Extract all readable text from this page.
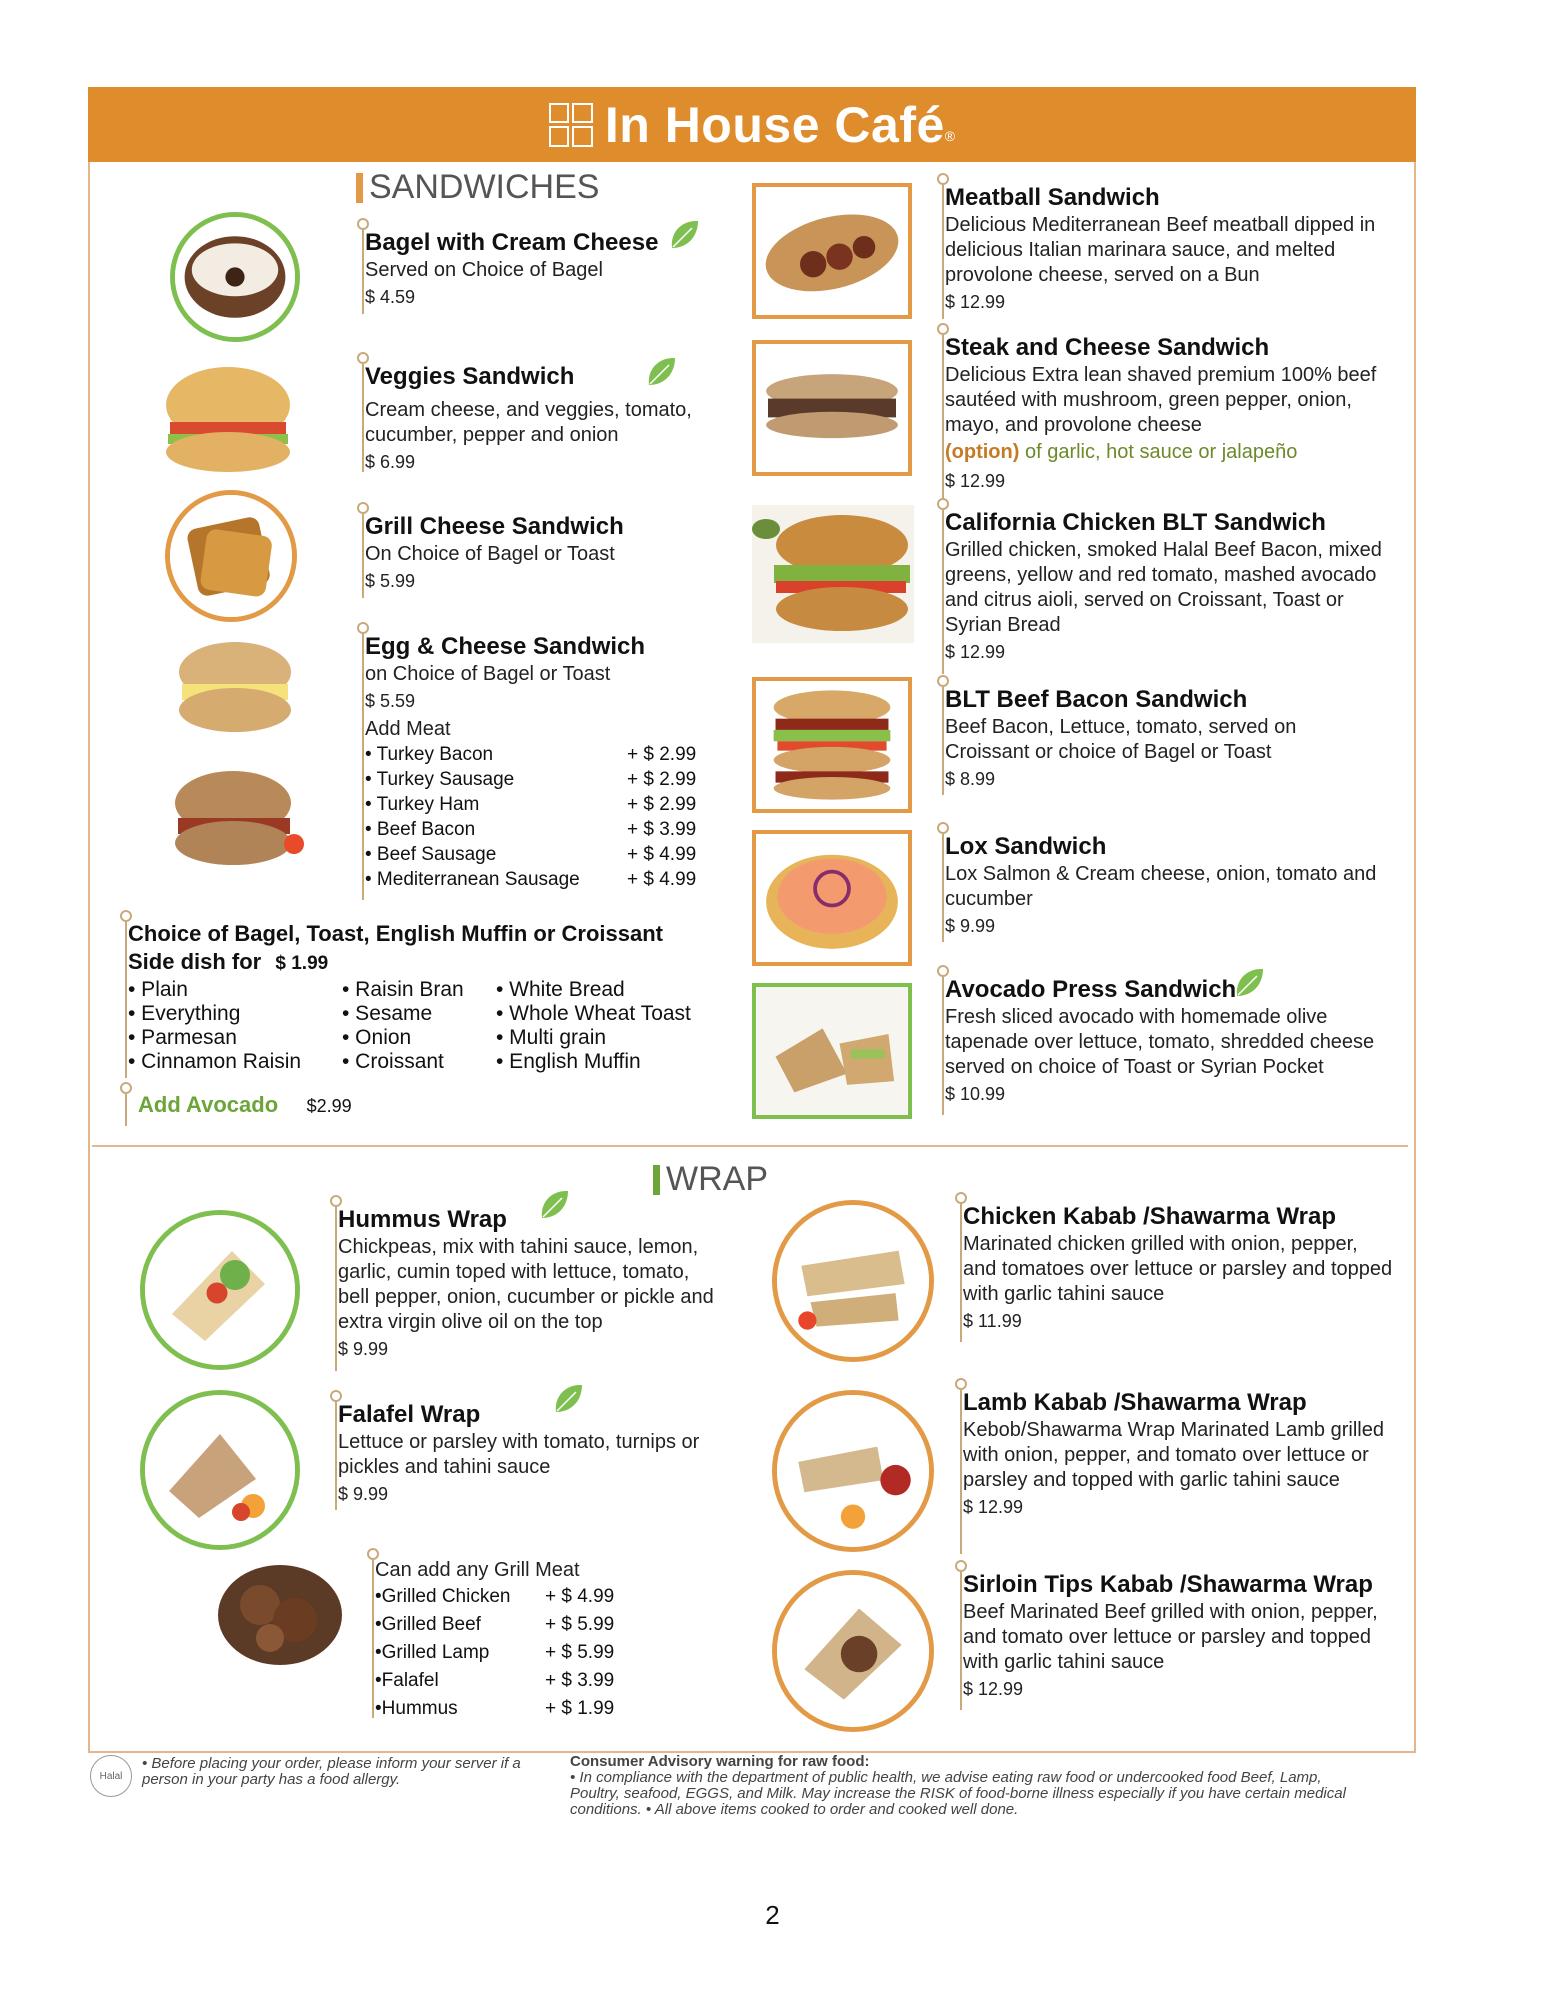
In House Café ®
SANDWICHES
Bagel with Cream Cheese
Served on Choice of Bagel
$ 4.59
Veggies Sandwich
Cream cheese, and veggies, tomato, cucumber, pepper and onion
$ 6.99
Grill Cheese Sandwich
On Choice of Bagel or Toast
$ 5.99
Egg & Cheese Sandwich
on Choice of Bagel or Toast
$ 5.59
Add Meat
• Turkey Bacon	+ $ 2.99
• Turkey Sausage	+ $ 2.99
• Turkey Ham	+ $ 2.99
• Beef Bacon	+ $ 3.99
• Beef Sausage	+ $ 4.99
• Mediterranean Sausage	+ $ 4.99
Choice of Bagel, Toast, English Muffin or Croissant
Side dish for $ 1.99
• Plain
• Everything
• Parmesan
• Cinnamon Raisin
• Raisin Bran
• Sesame
• Onion
• Croissant
• White Bread
• Whole Wheat Toast
• Multi grain
• English Muffin
Add Avocado $2.99
Meatball Sandwich
Delicious Mediterranean Beef meatball dipped in delicious Italian marinara sauce, and melted provolone cheese, served on a Bun
$ 12.99
Steak and Cheese Sandwich
Delicious Extra lean shaved premium 100% beef sautéed with mushroom, green pepper, onion, mayo, and provolone cheese
(option) of garlic, hot sauce or jalapeño
$ 12.99
California Chicken BLT Sandwich
Grilled chicken, smoked Halal Beef Bacon, mixed greens, yellow and red tomato, mashed avocado and citrus aioli, served on Croissant, Toast or Syrian Bread
$ 12.99
BLT Beef Bacon Sandwich
Beef Bacon, Lettuce, tomato, served on Croissant or choice of Bagel or Toast
$ 8.99
Lox Sandwich
Lox Salmon & Cream cheese, onion, tomato and cucumber
$ 9.99
Avocado Press Sandwich
Fresh sliced avocado with homemade olive tapenade over lettuce, tomato, shredded cheese served on choice of Toast or Syrian Pocket
$ 10.99
WRAP
Hummus Wrap
Chickpeas, mix with tahini sauce, lemon, garlic, cumin toped with lettuce, tomato, bell pepper, onion, cucumber or pickle and extra virgin olive oil on the top
$ 9.99
Falafel Wrap
Lettuce or parsley with tomato, turnips or pickles and tahini sauce
$ 9.99
Can add any Grill Meat
•Grilled Chicken	+ $ 4.99
•Grilled Beef	+ $ 5.99
•Grilled Lamp	+ $ 5.99
•Falafel	+ $ 3.99
•Hummus	+ $ 1.99
Chicken Kabab /Shawarma Wrap
Marinated chicken grilled with onion, pepper, and tomatoes over lettuce or parsley and topped with garlic tahini sauce
$ 11.99
Lamb Kabab /Shawarma Wrap
Kebob/Shawarma Wrap Marinated Lamb grilled with onion, pepper, and tomato over lettuce or parsley and topped with garlic tahini sauce
$ 12.99
Sirloin Tips Kabab /Shawarma Wrap
Beef Marinated Beef grilled with onion, pepper, and tomato over lettuce or parsley and topped with garlic tahini sauce
$ 12.99
Halal
• Before placing your order, please inform your server if a person in your party has a food allergy.
Consumer Advisory warning for raw food:
• In compliance with the department of public health, we advise eating raw food or undercooked food Beef, Lamp, Poultry, seafood, EGGS, and Milk. May increase the RISK of food-borne illness especially if you have certain medical conditions. • All above items cooked to order and cooked well done.
2
